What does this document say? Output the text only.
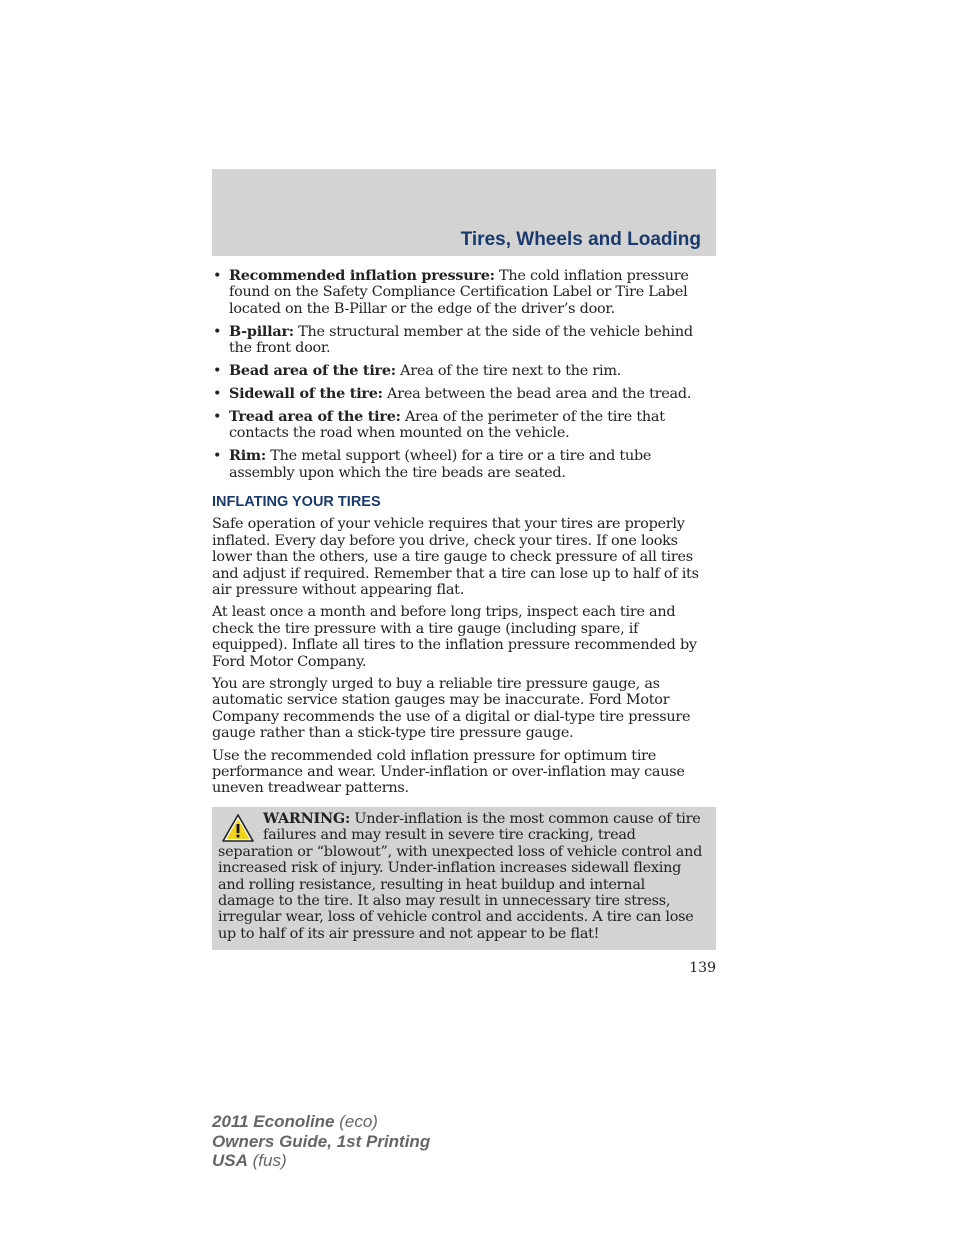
Tires, Wheels and Loading
• Recommended inflation pressure: The cold inflation pressure found on the Safety Compliance Certification Label or Tire Label located on the B-Pillar or the edge of the driver’s door.
• B-pillar: The structural member at the side of the vehicle behind the front door.
• Bead area of the tire: Area of the tire next to the rim.
• Sidewall of the tire: Area between the bead area and the tread.
• Tread area of the tire: Area of the perimeter of the tire that contacts the road when mounted on the vehicle.
• Rim: The metal support (wheel) for a tire or a tire and tube assembly upon which the tire beads are seated.
INFLATING YOUR TIRES

Safe operation of your vehicle requires that your tires are properly inflated. Every day before you drive, check your tires. If one looks lower than the others, use a tire gauge to check pressure of all tires and adjust if required. Remember that a tire can lose up to half of its air pressure without appearing flat.

At least once a month and before long trips, inspect each tire and check the tire pressure with a tire gauge (including spare, if equipped). Inflate all tires to the inflation pressure recommended by Ford Motor Company.

You are strongly urged to buy a reliable tire pressure gauge, as automatic service station gauges may be inaccurate. Ford Motor Company recommends the use of a digital or dial-type tire pressure gauge rather than a stick-type tire pressure gauge.

Use the recommended cold inflation pressure for optimum tire performance and wear. Under-inflation or over-inflation may cause uneven treadwear patterns.

WARNING: Under-inflation is the most common cause of tire failures and may result in severe tire cracking, tread separation or “blowout”, with unexpected loss of vehicle control and increased risk of injury. Under-inflation increases sidewall flexing and rolling resistance, resulting in heat buildup and internal damage to the tire. It also may result in unnecessary tire stress, irregular wear, loss of vehicle control and accidents. A tire can lose up to half of its air pressure and not appear to be flat!
139
2011 Econoline (eco)
Owners Guide, 1st Printing
USA (fus)
